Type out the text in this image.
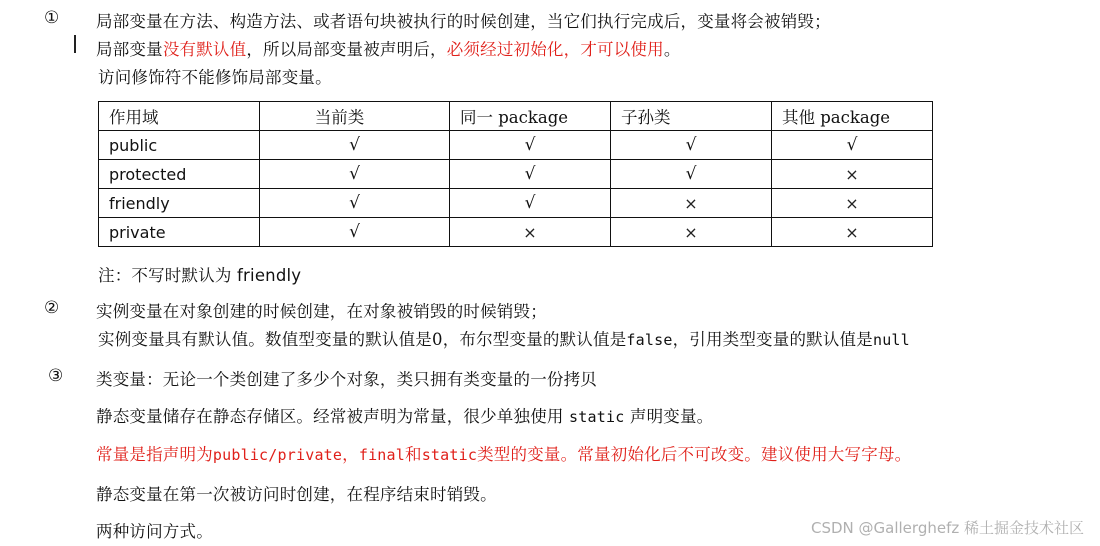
① 局部变量在方法、构造方法、或者语句块被执行的时候创建，当它们执行完成后，变量将会被销毁；
局部变量没有默认值，所以局部变量被声明后，必须经过初始化，才可以使用。
访问修饰符不能修饰局部变量。
作用域	当前类	同一 package	子孙类	其他 package
public	√	√	√	√
protected	√	√	√	×
friendly	√	√	×	×
private	√	×	×	×
注：不写时默认为 friendly
② 实例变量在对象创建的时候创建，在对象被销毁的时候销毁；
实例变量具有默认值。数值型变量的默认值是0，布尔型变量的默认值是false，引用类型变量的默认值是null
③ 类变量：无论一个类创建了多少个对象，类只拥有类变量的一份拷贝
静态变量储存在静态存储区。经常被声明为常量，很少单独使用 static 声明变量。
常量是指声明为public/private，final和static类型的变量。常量初始化后不可改变。建议使用大写字母。
静态变量在第一次被访问时创建，在程序结束时销毁。
两种访问方式。	CSDN @Gallerghefz 稀土掘金技术社区
